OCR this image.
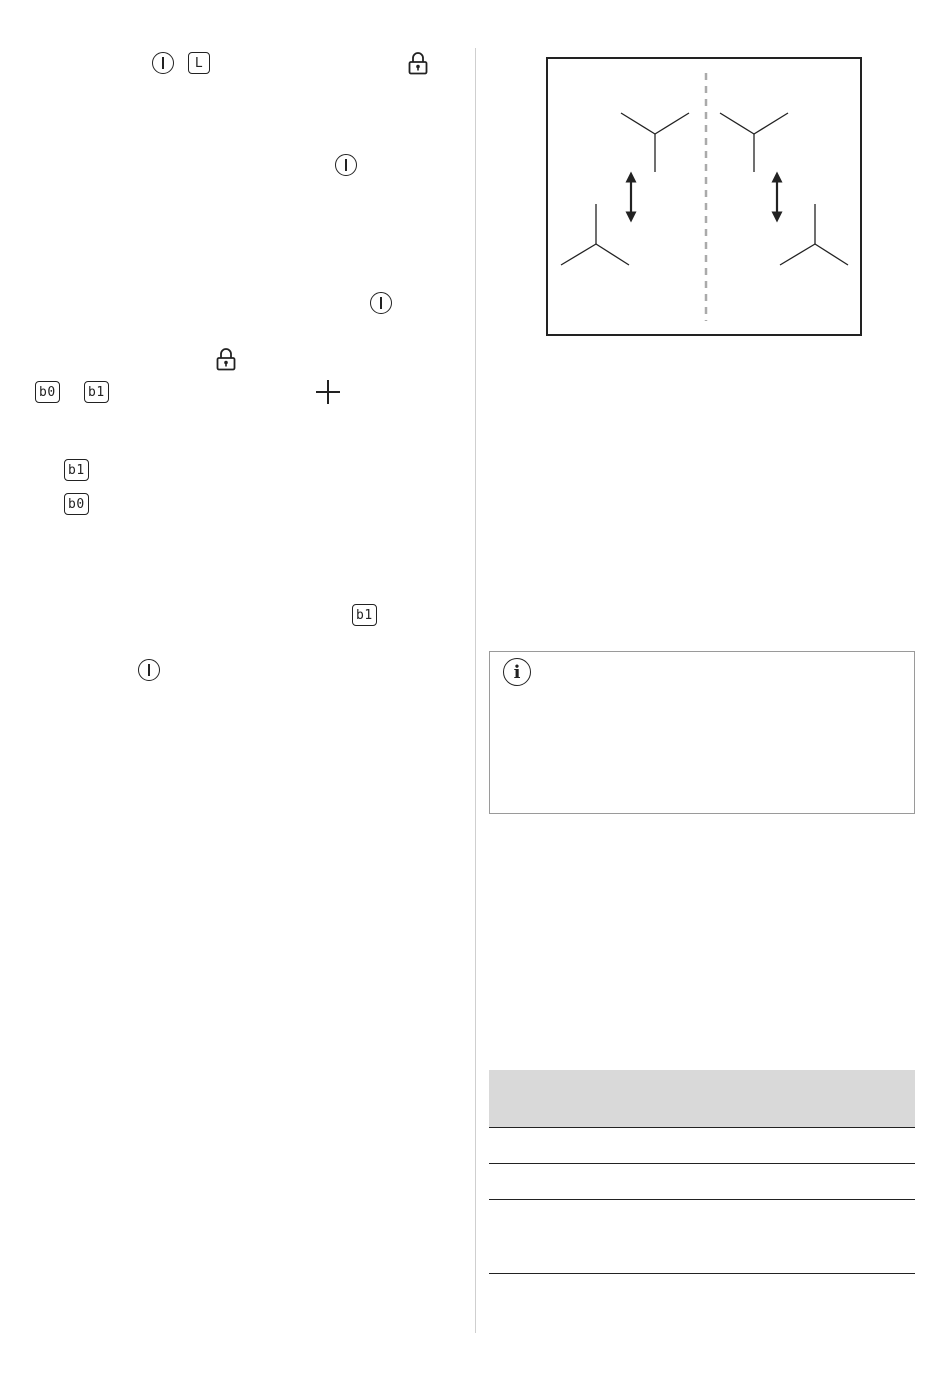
L
b0	b1
b1
b0
b1
i
